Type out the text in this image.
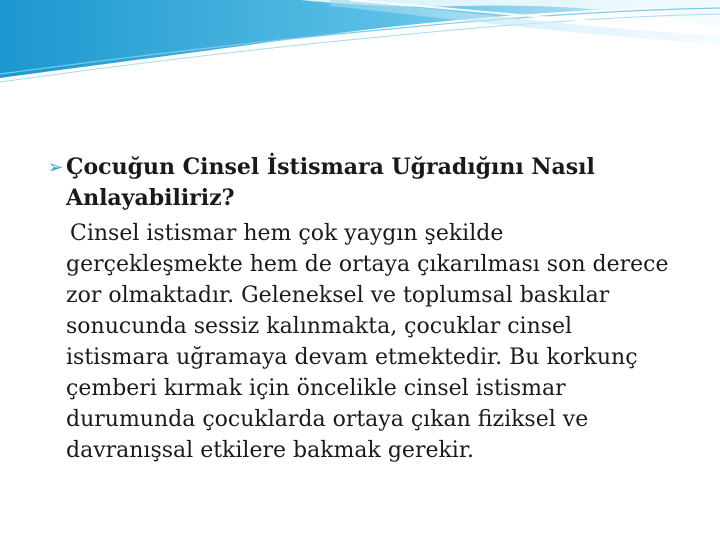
➢ Çocuğun Cinsel İstismara Uğradığını Nasıl Anlayabiliriz?

Cinsel istismar hem çok yaygın şekilde gerçekleşmekte hem de ortaya çıkarılması son derece zor olmaktadır. Geleneksel ve toplumsal baskılar sonucunda sessiz kalınmakta, çocuklar cinsel istismara uğramaya devam etmektedir. Bu korkunç çemberi kırmak için öncelikle cinsel istismar durumunda çocuklarda ortaya çıkan fiziksel ve davranışsal etkilere bakmak gerekir.
